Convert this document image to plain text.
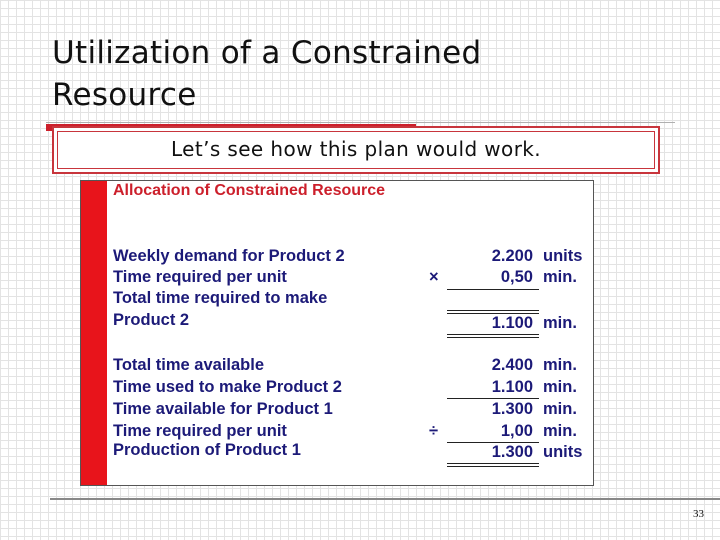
Utilization of a Constrained
Resource
Let’s see how this plan would work.
Allocation of Constrained Resource
Weekly demand for Product 2	2.200 units
Time required per unit	×	0,50 min.
Total time required to make
Product 2	1.100 min.
Total time available	2.400 min.
Time used to make Product 2	1.100 min.
Time available for Product 1	1.300 min.
Time required per unit	÷	1,00 min.
Production of Product 1	1.300 units
33
